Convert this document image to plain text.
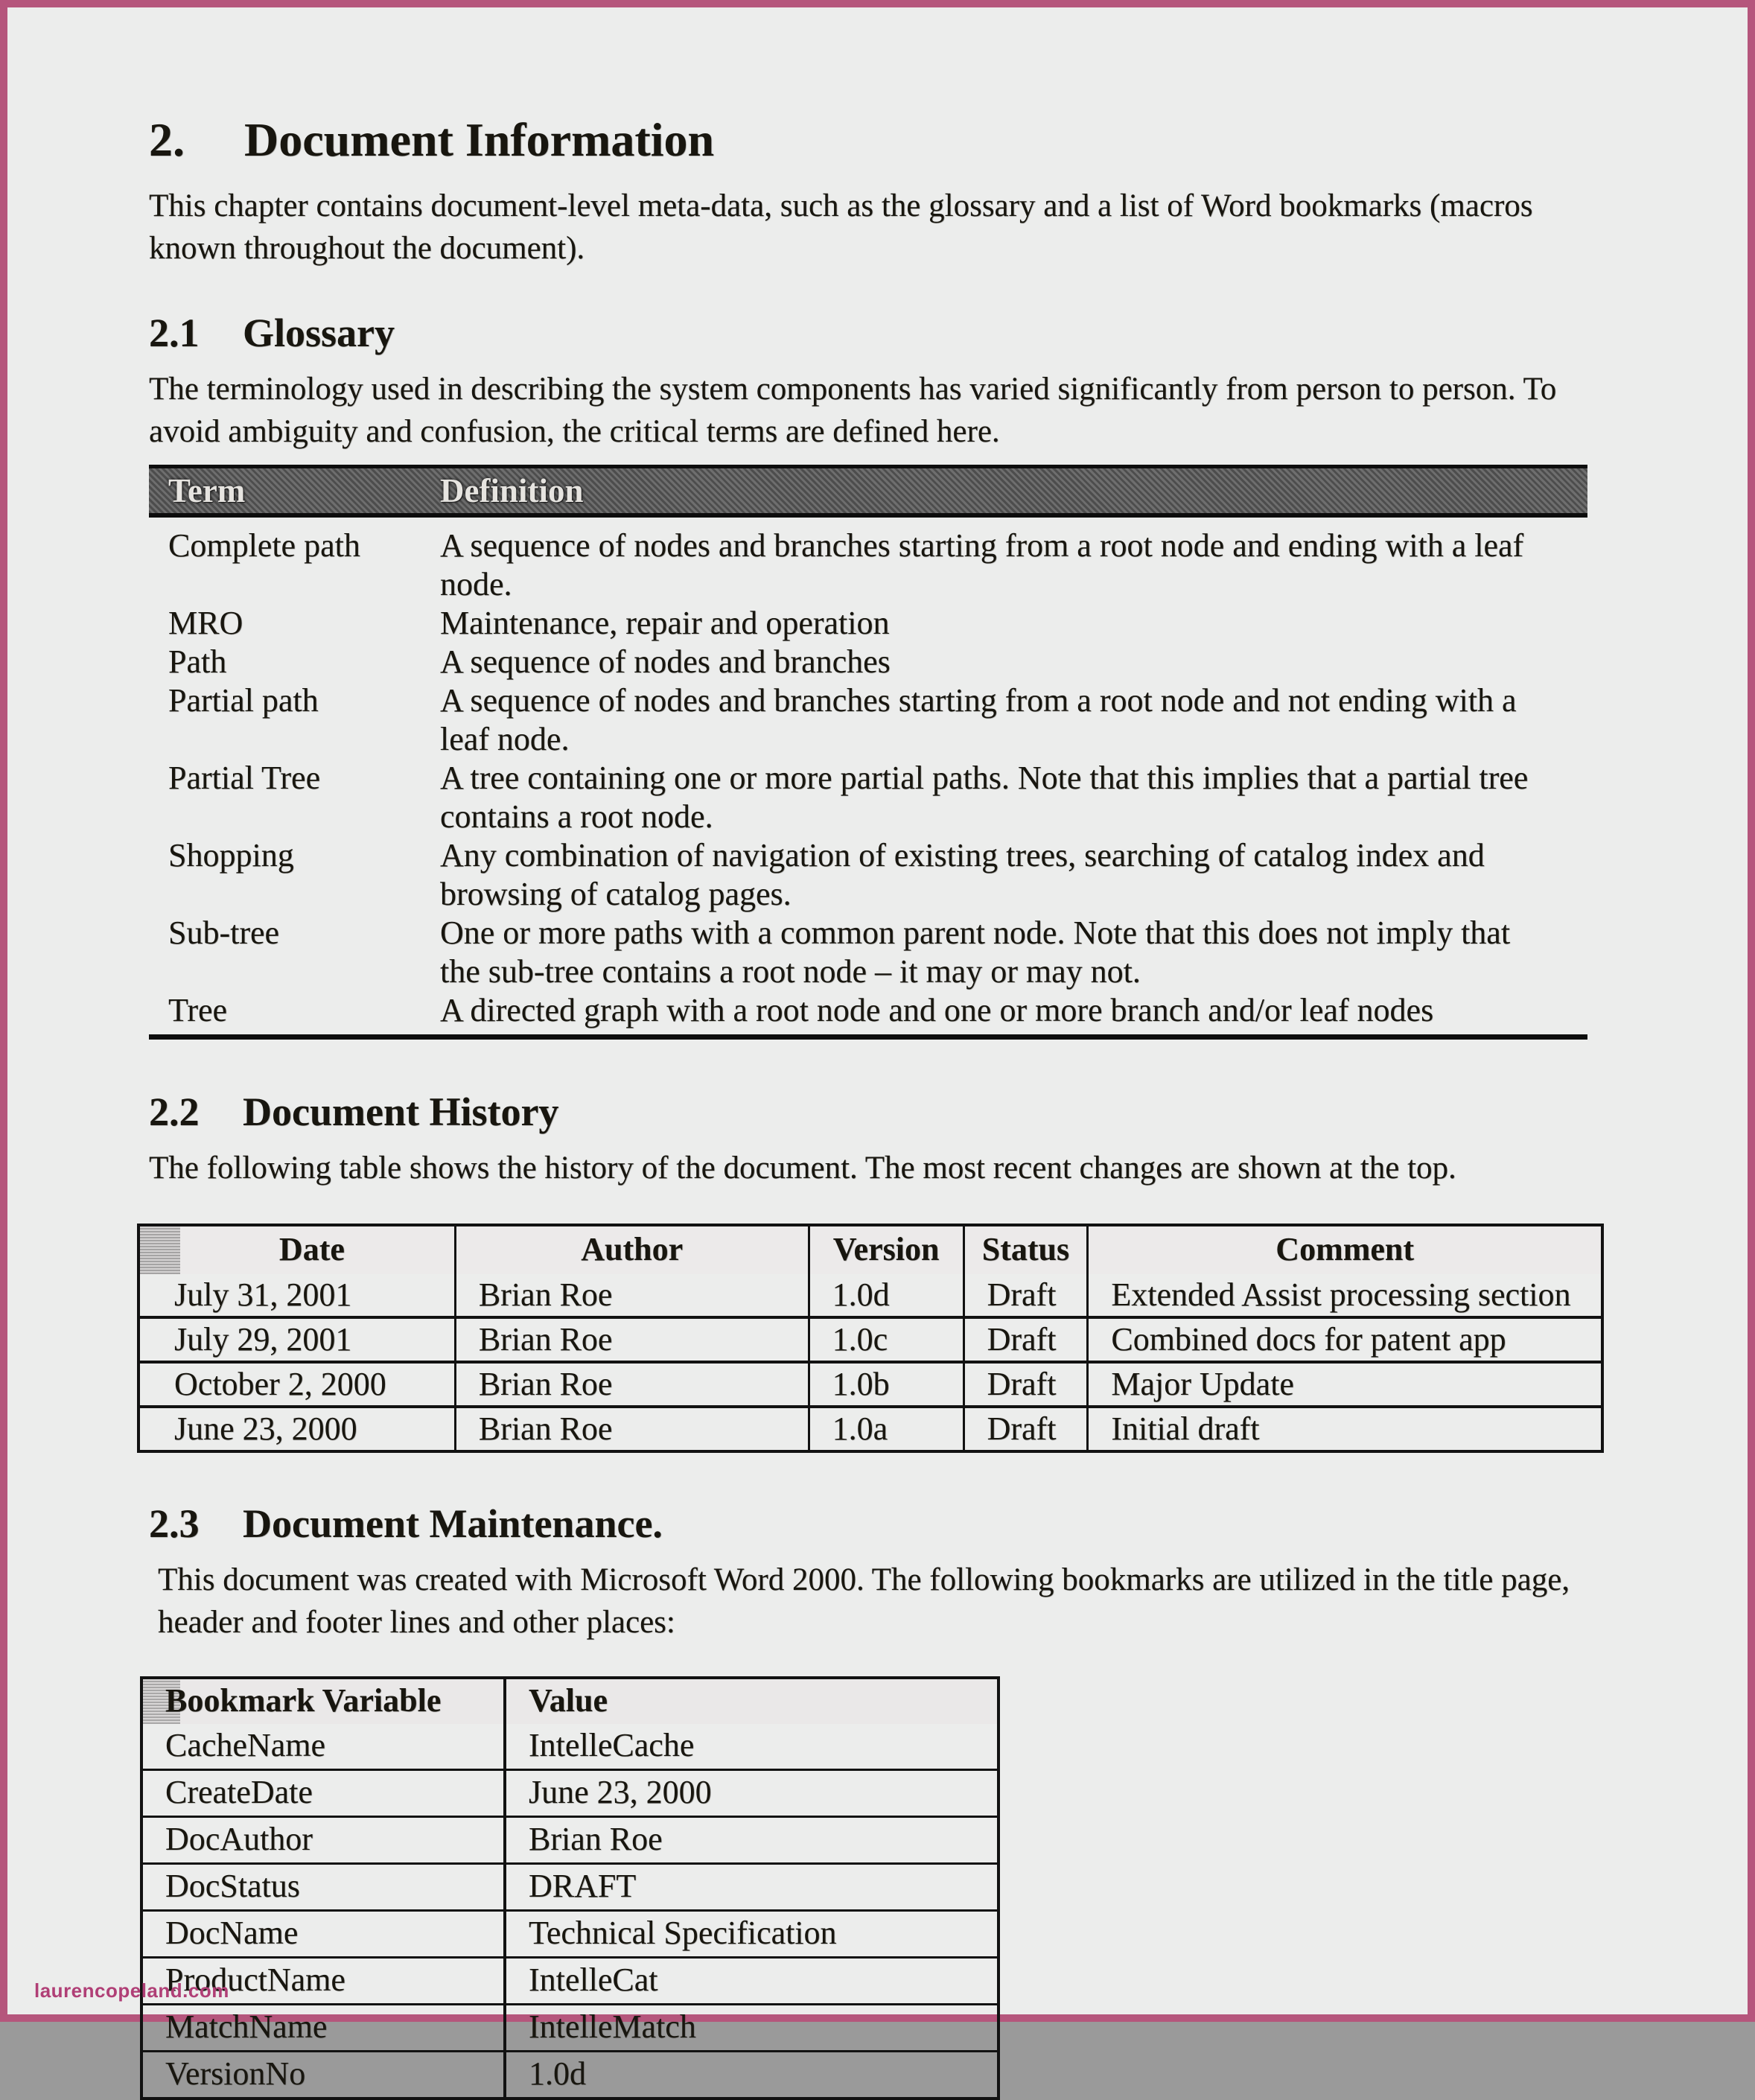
2.	Document Information

This chapter contains document-level meta-data, such as the glossary and a list of Word bookmarks (macros known throughout the document).

2.1	Glossary

The terminology used in describing the system components has varied significantly from person to person. To avoid ambiguity and confusion, the critical terms are defined here.

Term	Definition
Complete path	A sequence of nodes and branches starting from a root node and ending with a leaf node.
MRO	Maintenance, repair and operation
Path	A sequence of nodes and branches
Partial path	A sequence of nodes and branches starting from a root node and not ending with a leaf node.
Partial Tree	A tree containing one or more partial paths. Note that this implies that a partial tree contains a root node.
Shopping	Any combination of navigation of existing trees, searching of catalog index and browsing of catalog pages.
Sub-tree	One or more paths with a common parent node. Note that this does not imply that the sub-tree contains a root node – it may or may not.
Tree	A directed graph with a root node and one or more branch and/or leaf nodes
2.2	Document History

The following table shows the history of the document. The most recent changes are shown at the top.

Date	Author	Version	Status	Comment
July 31, 2001	Brian Roe	1.0d	Draft	Extended Assist processing section
July 29, 2001	Brian Roe	1.0c	Draft	Combined docs for patent app
October 2, 2000	Brian Roe	1.0b	Draft	Major Update
June 23, 2000	Brian Roe	1.0a	Draft	Initial draft
2.3	Document Maintenance.

This document was created with Microsoft Word 2000. The following bookmarks are utilized in the title page, header and footer lines and other places:

Bookmark Variable	Value
CacheName	IntelleCache
CreateDate	June 23, 2000
DocAuthor	Brian Roe
DocStatus	DRAFT
DocName	Technical Specification
ProductName	IntelleCat
MatchName	IntelleMatch
VersionNo	1.0d
laurencopeland.com
